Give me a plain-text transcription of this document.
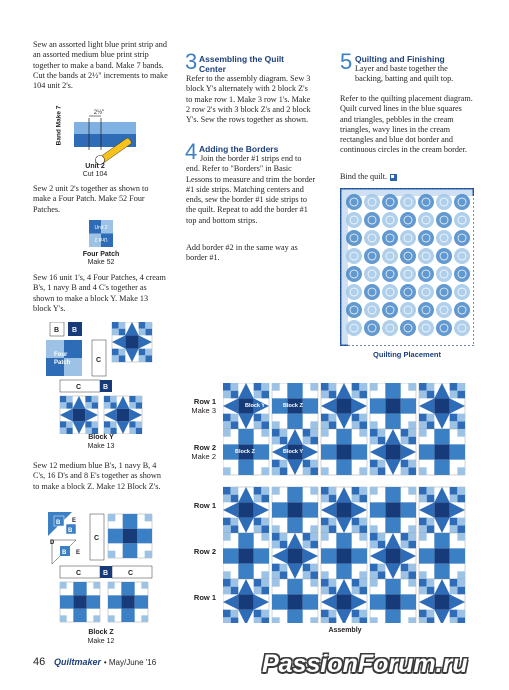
Sew an assorted light blue print strip and an assorted medium blue print strip together to make a band. Make 7 bands. Cut the bands at 2½" increments to make 104 unit 2's.

Band Make 7	2½"
Unit 2
Cut 104

Sew 2 unit 2's together as shown to make a Four Patch. Make 52 Four Patches.

Unit 2
Unit 2
Four Patch
Make 52

Sew 16 unit 1's, 4 Four Patches, 4 cream B's, 1 navy B and 4 C's together as shown to make a block Y. Make 13 block Y's.

B B
Four
Patch	C
C	B
Block Y
Make 13

Sew 12 medium blue B's, 1 navy B, 4 C's, 16 D's and 8 E's together as shown to make a block Z. Make 12 Block Z's.

B
B
E
D
B E
C
C	B	C
Block Z
Make 12
3 Assembling the Quilt Center

Refer to the assembly diagram. Sew 3 block Y's alternately with 2 block Z's to make row 1. Make 3 row 1's. Make 2 row 2's with 3 block Z's and 2 block Y's. Sew the rows together as shown.

4 Adding the Borders

Join the border #1 strips end to end. Refer to "Borders" in Basic Lessons to measure and trim the border #1 side strips. Matching centers and ends, sew the border #1 side strips to the quilt. Repeat to add the border #1 top and bottom strips.

Add border #2 in the same way as border #1.

5 Quilting and Finishing

Layer and baste together the backing, batting and quilt top.

Refer to the quilting placement diagram. Quilt curved lines in the blue squares and triangles, pebbles in the cream triangles, wavy lines in the cream rectangles and blue dot border and continuous circles in the cream border.

Bind the quilt.

Quilting Placement
Row 1
Make 3
Row 2
Make 2
Row 1
Row 2
Row 1
Block Y	Block Z
Block Z	Block Y
Assembly
46 Quiltmaker • May/June '16	PassionForum.ru
